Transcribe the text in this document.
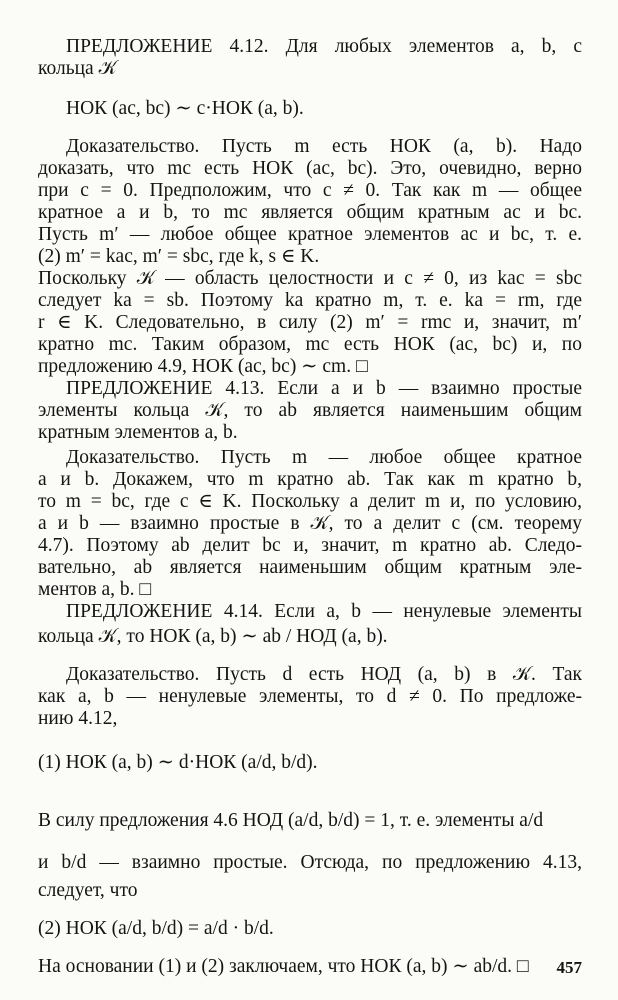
ПРЕДЛОЖЕНИЕ 4.12. Для любых элементов a, b, c
кольца 𝒦
НОК (ac, bc) ∼ c·НОК (a, b).
Доказательство. Пусть m есть НОК (a, b). Надо
доказать, что mc есть НОК (ac, bc). Это, очевидно, верно
при c = 0. Предположим, что c ≠ 0. Так как m — общее
кратное a и b, то mc является общим кратным ac и bc.
Пусть m′ — любое общее кратное элементов ac и bc, т. е.
(2) m′ = kac, m′ = sbc, где k, s ∈ K.
Поскольку 𝒦 — область целостности и c ≠ 0, из kac = sbc
следует ka = sb. Поэтому ka кратно m, т. е. ka = rm, где
r ∈ K. Следовательно, в силу (2) m′ = rmc и, значит, m′
кратно mc. Таким образом, mc есть НОК (ac, bc) и, по
предложению 4.9, НОК (ac, bc) ∼ cm. □
ПРЕДЛОЖЕНИЕ 4.13. Если a и b — взаимно простые
элементы кольца 𝒦, то ab является наименьшим общим
кратным элементов a, b.
Доказательство. Пусть m — любое общее кратное
a и b. Докажем, что m кратно ab. Так как m кратно b,
то m = bc, где c ∈ K. Поскольку a делит m и, по условию,
a и b — взаимно простые в 𝒦, то a делит c (см. теорему
4.7). Поэтому ab делит bc и, значит, m кратно ab. Следо-
вательно, ab является наименьшим общим кратным эле-
ментов a, b. □
ПРЕДЛОЖЕНИЕ 4.14. Если a, b — ненулевые элементы
кольца 𝒦, то НОК (a, b) ∼ ab / НОД (a, b).
Доказательство. Пусть d есть НОД (a, b) в 𝒦. Так
как a, b — ненулевые элементы, то d ≠ 0. По предложе-
нию 4.12,
(1) НОК (a, b) ∼ d·НОК (a/d, b/d).
В силу предложения 4.6 НОД (a/d, b/d) = 1, т. е. элементы a/d
и b/d — взаимно простые. Отсюда, по предложению 4.13,
следует, что
(2) НОК (a/d, b/d) = a/d · b/d.
На основании (1) и (2) заключаем, что НОК (a, b) ∼ ab/d. □	457
